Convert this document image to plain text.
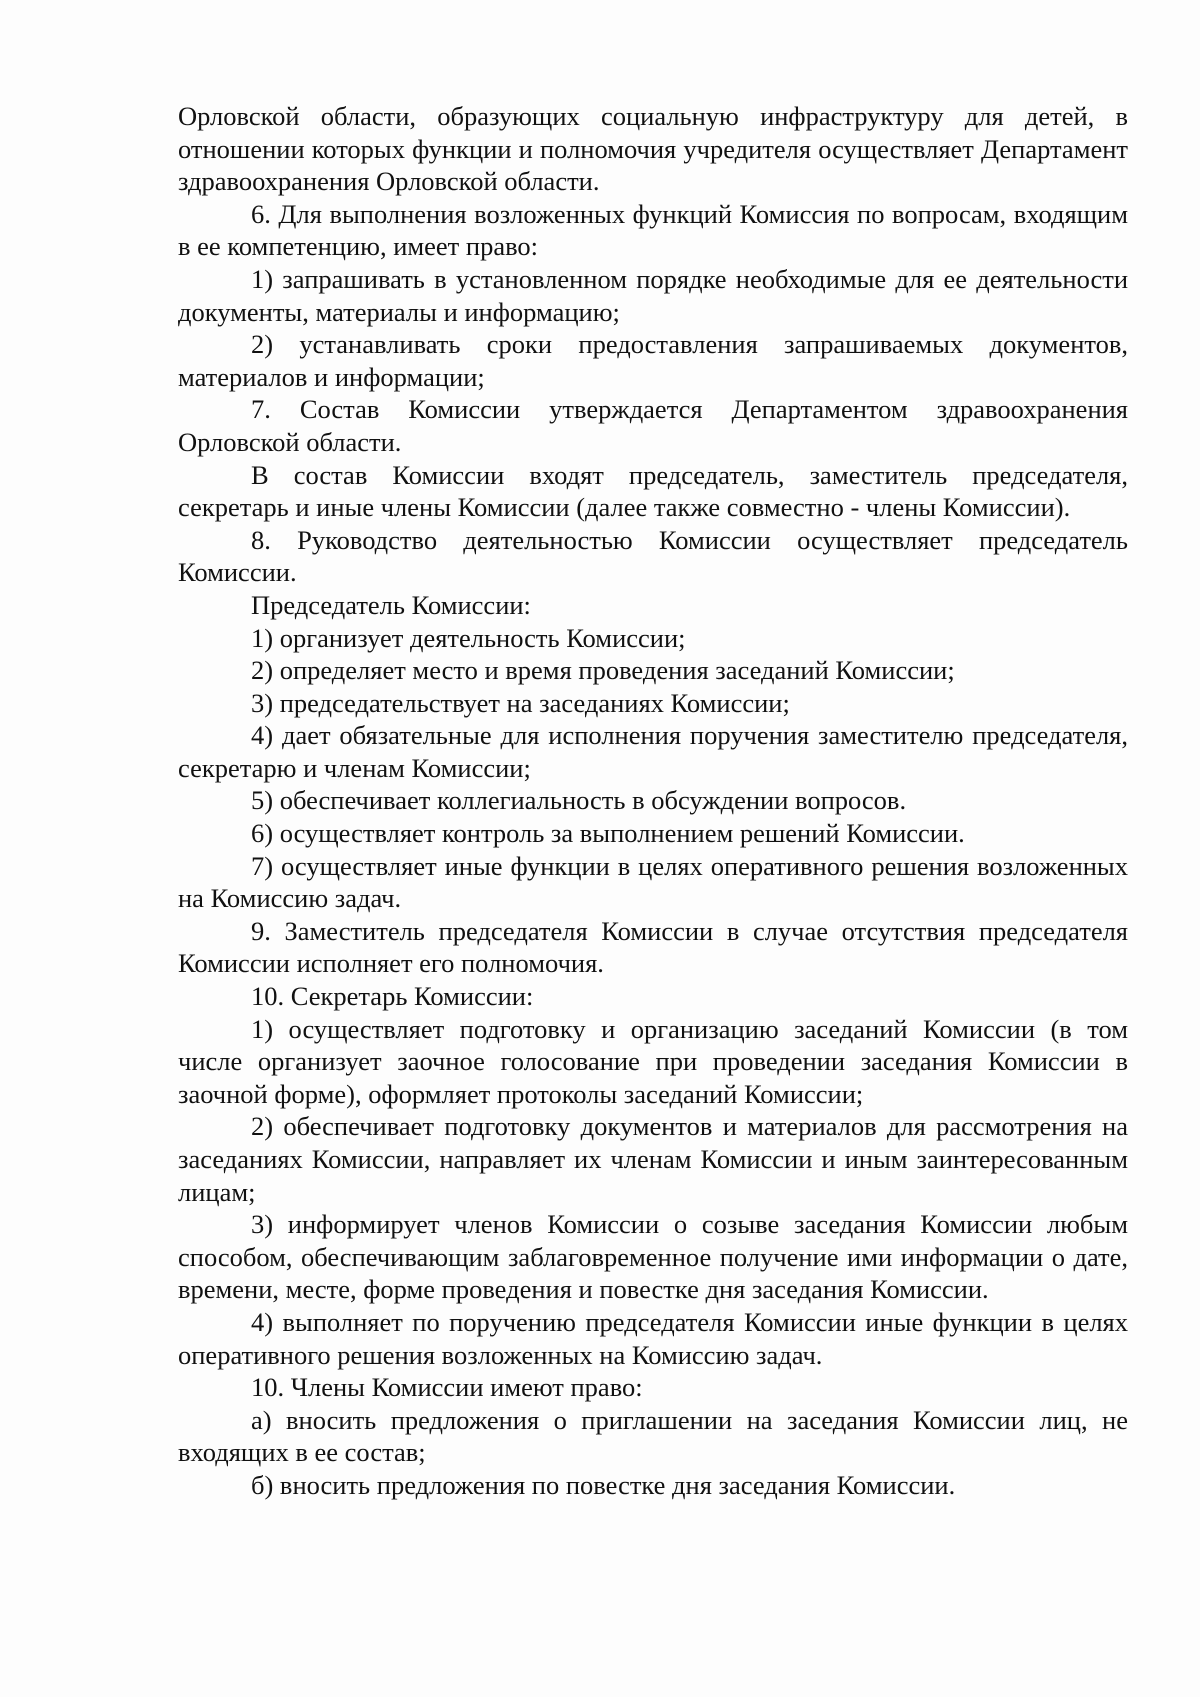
Орловской области, образующих социальную инфраструктуру для детей, в отношении которых функции и полномочия учредителя осуществляет Департамент здравоохранения Орловской области.

6. Для выполнения возложенных функций Комиссия по вопросам, входящим в ее компетенцию, имеет право:

1) запрашивать в установленном порядке необходимые для ее деятельности документы, материалы и информацию;

2) устанавливать сроки предоставления запрашиваемых документов, материалов и информации;

7. Состав Комиссии утверждается Департаментом здравоохранения Орловской области.

В состав Комиссии входят председатель, заместитель председателя, секретарь и иные члены Комиссии (далее также совместно - члены Комиссии).

8. Руководство деятельностью Комиссии осуществляет председатель Комиссии.

Председатель Комиссии:

1) организует деятельность Комиссии;

2) определяет место и время проведения заседаний Комиссии;

3) председательствует на заседаниях Комиссии;

4) дает обязательные для исполнения поручения заместителю председателя, секретарю и членам Комиссии;

5) обеспечивает коллегиальность в обсуждении вопросов.

6) осуществляет контроль за выполнением решений Комиссии.

7) осуществляет иные функции в целях оперативного решения возложенных на Комиссию задач.

9. Заместитель председателя Комиссии в случае отсутствия председателя Комиссии исполняет его полномочия.

10. Секретарь Комиссии:

1) осуществляет подготовку и организацию заседаний Комиссии (в том числе организует заочное голосование при проведении заседания Комиссии в заочной форме), оформляет протоколы заседаний Комиссии;

2) обеспечивает подготовку документов и материалов для рассмотрения на заседаниях Комиссии, направляет их членам Комиссии и иным заинтересованным лицам;

3) информирует членов Комиссии о созыве заседания Комиссии любым способом, обеспечивающим заблаговременное получение ими информации о дате, времени, месте, форме проведения и повестке дня заседания Комиссии.

4) выполняет по поручению председателя Комиссии иные функции в целях оперативного решения возложенных на Комиссию задач.

10. Члены Комиссии имеют право:

а) вносить предложения о приглашении на заседания Комиссии лиц, не входящих в ее состав;

б) вносить предложения по повестке дня заседания Комиссии.
